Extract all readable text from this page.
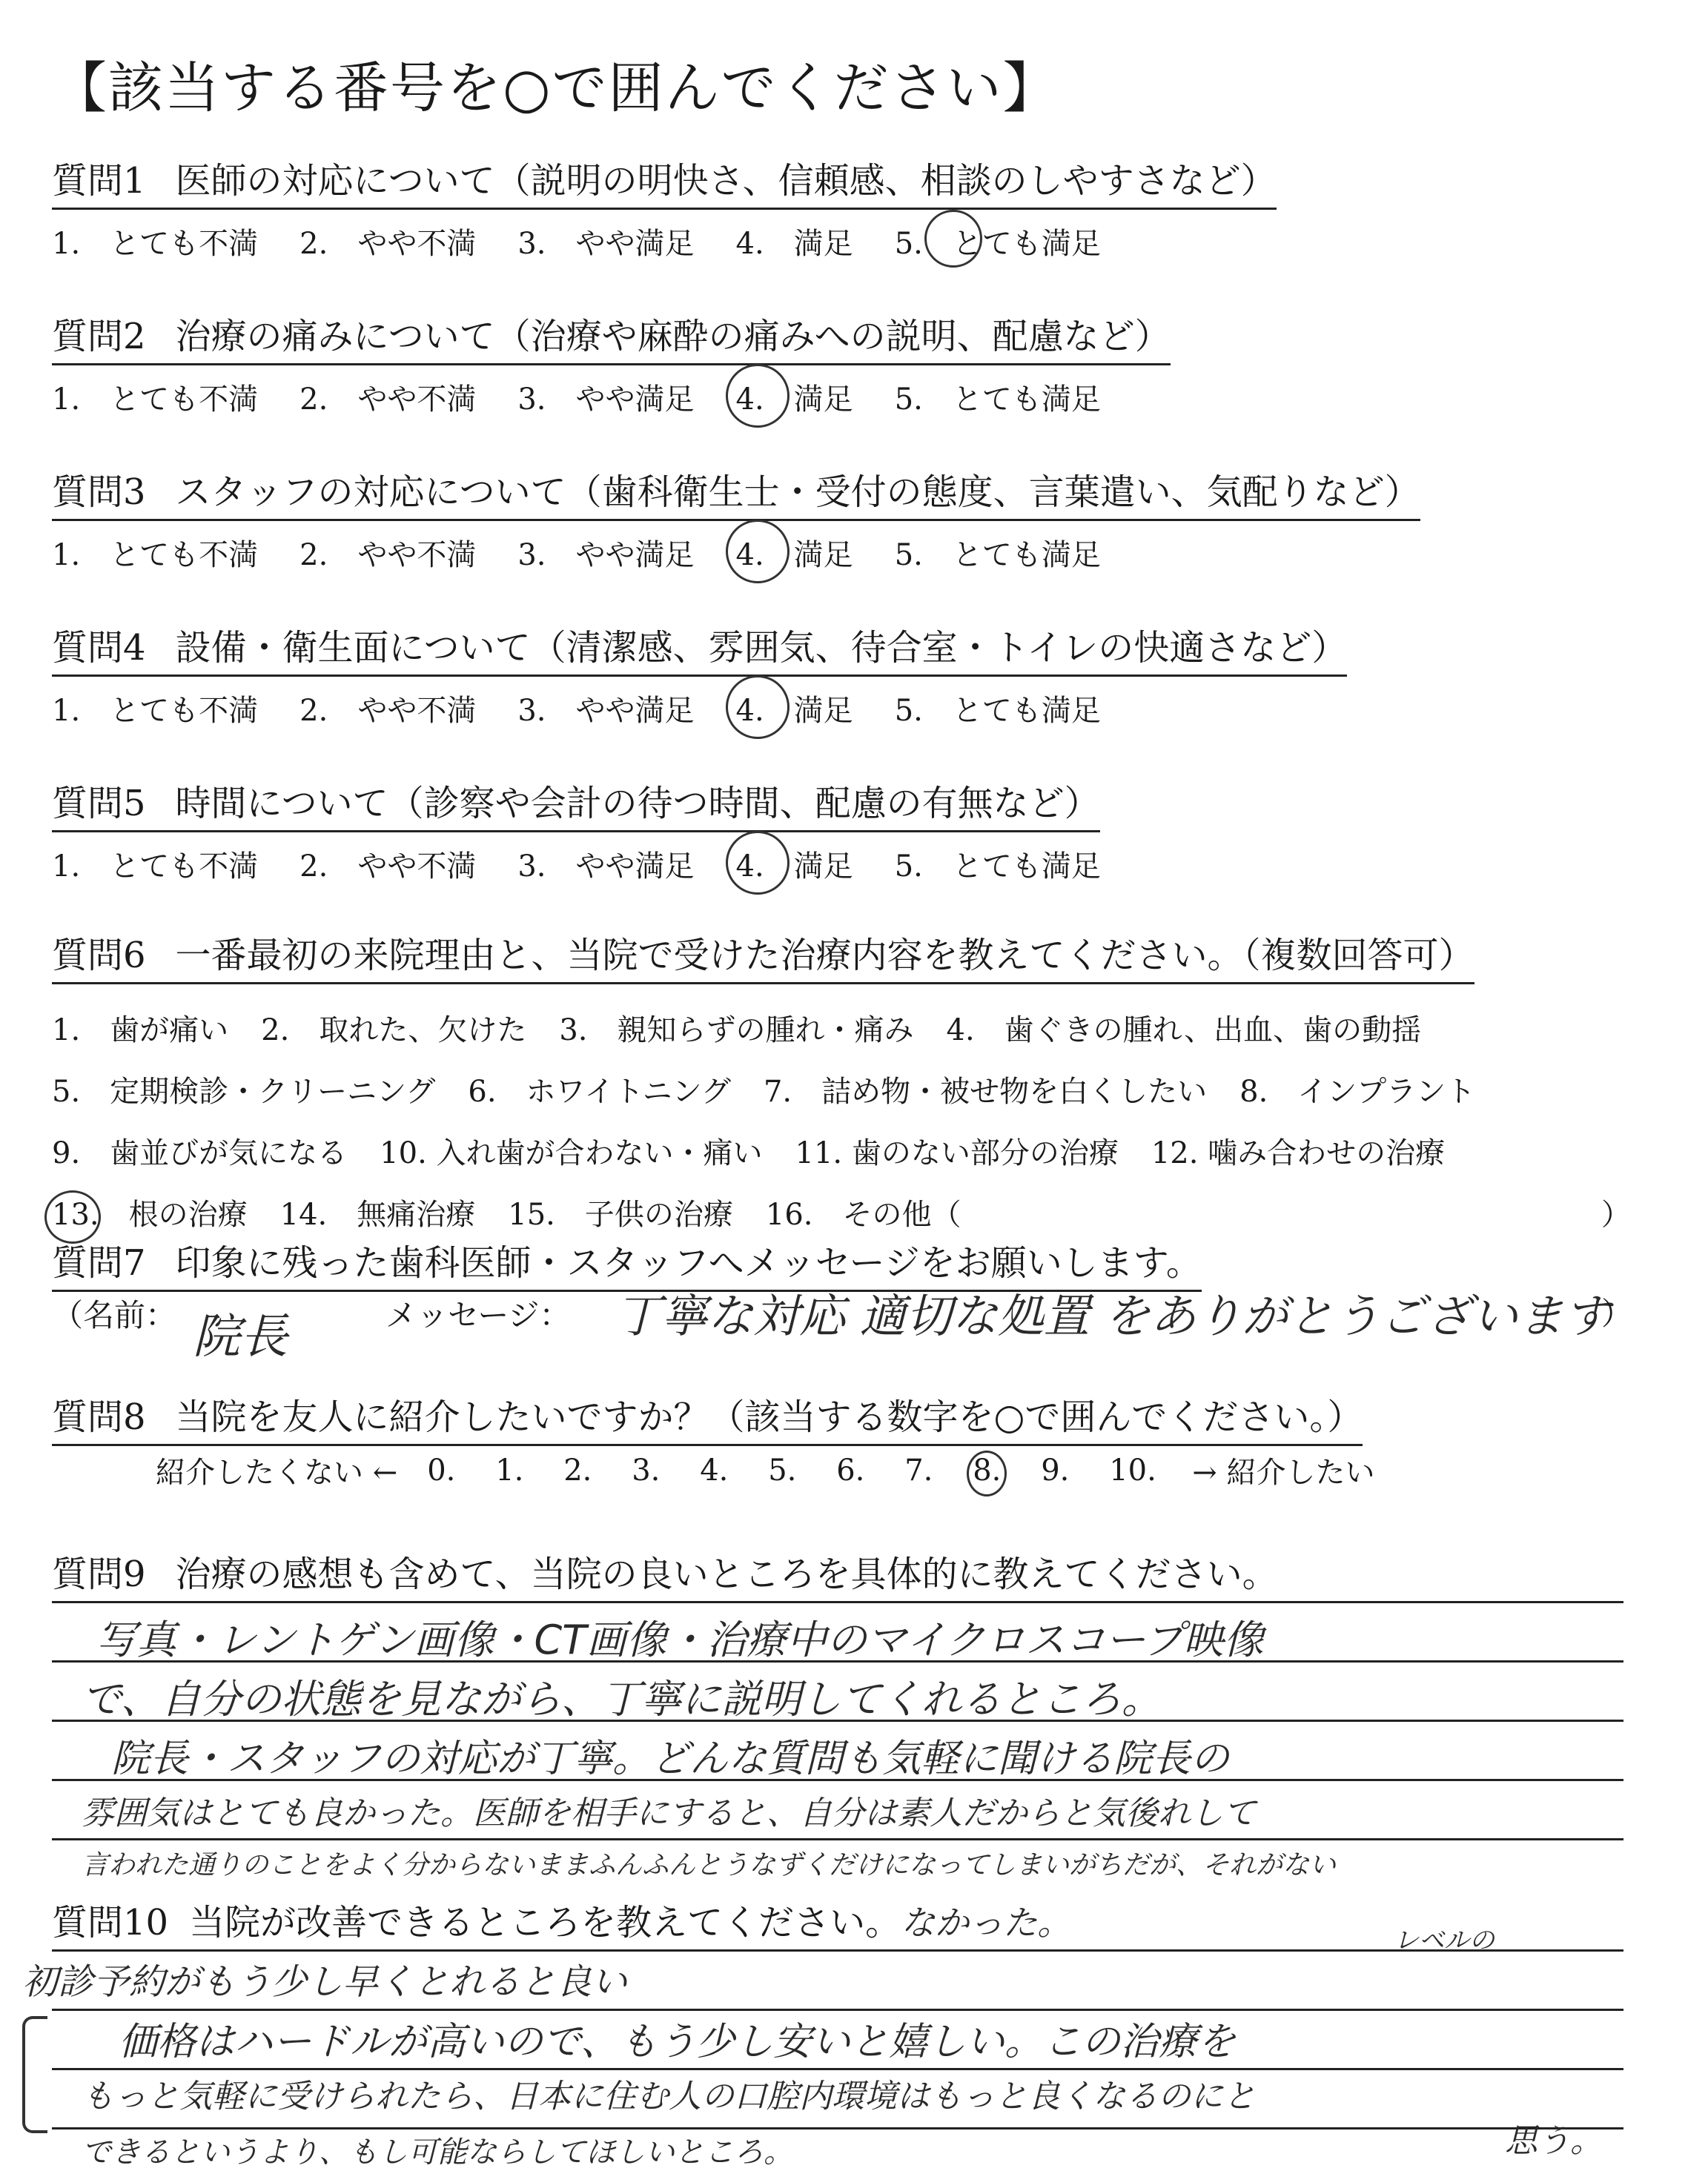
【該当する番号を○で囲んでください】
質問1 医師の対応について（説明の明快さ、信頼感、相談のしやすさなど）
1.　とても不満 2.　やや不満 3.　やや満足 4.　満足 5.　とても満足
質問2 治療の痛みについて（治療や麻酔の痛みへの説明、配慮など）
1.　とても不満 2.　やや不満 3.　やや満足 4.　満足 5.　とても満足
質問3 スタッフの対応について（歯科衛生士・受付の態度、言葉遣い、気配りなど）
1.　とても不満 2.　やや不満 3.　やや満足 4.　満足 5.　とても満足
質問4 設備・衛生面について（清潔感、雰囲気、待合室・トイレの快適さなど）
1.　とても不満 2.　やや不満 3.　やや満足 4.　満足 5.　とても満足
質問5 時間について（診察や会計の待つ時間、配慮の有無など）
1.　とても不満 2.　やや不満 3.　やや満足 4.　満足 5.　とても満足
質問6 一番最初の来院理由と、当院で受けた治療内容を教えてください。（複数回答可）
1.　歯が痛い 2.　取れた、欠けた 3.　親知らずの腫れ・痛み 4.　歯ぐきの腫れ、出血、歯の動揺
5.　定期検診・クリーニング 6.　ホワイトニング 7.　詰め物・被せ物を白くしたい 8.　インプラント
9.　歯並びが気になる 10. 入れ歯が合わない・痛い 11. 歯のない部分の治療 12. 噛み合わせの治療
13.　根の治療 14.　無痛治療 15.　子供の治療 16.　その他（	）
質問7 印象に残った歯科医師・スタッフへメッセージをお願いします。
（名前： 院長	メッセージ： 丁寧な対応 適切な処置 をありがとうございます
）
質問8 当院を友人に紹介したいですか？（該当する数字を○で囲んでください。）
紹介したくない ← 0.	1.	2.	3.	4.	5.	6.	7.	8.	9.	10.	→ 紹介したい
質問9 治療の感想も含めて、当院の良いところを具体的に教えてください。
写真・レントゲン画像・CT画像・治療中のマイクロスコープ映像
で、自分の状態を見ながら、丁寧に説明してくれるところ。
院長・スタッフの対応が丁寧。どんな質問も気軽に聞ける院長の
雰囲気はとても良かった。医師を相手にすると、自分は素人だからと気後れして
言われた通りのことをよく分からないままふんふんとうなずくだけになってしまいがちだが、それがない
質問10 当院が改善できるところを教えてください。なかった。
初診予約がもう少し早くとれると良い
レベルの
価格はハードルが高いので、もう少し安いと嬉しい。この治療を
もっと気軽に受けられたら、日本に住む人の口腔内環境はもっと良くなるのにと
できるというより、もし可能ならしてほしいところ。	思う。
